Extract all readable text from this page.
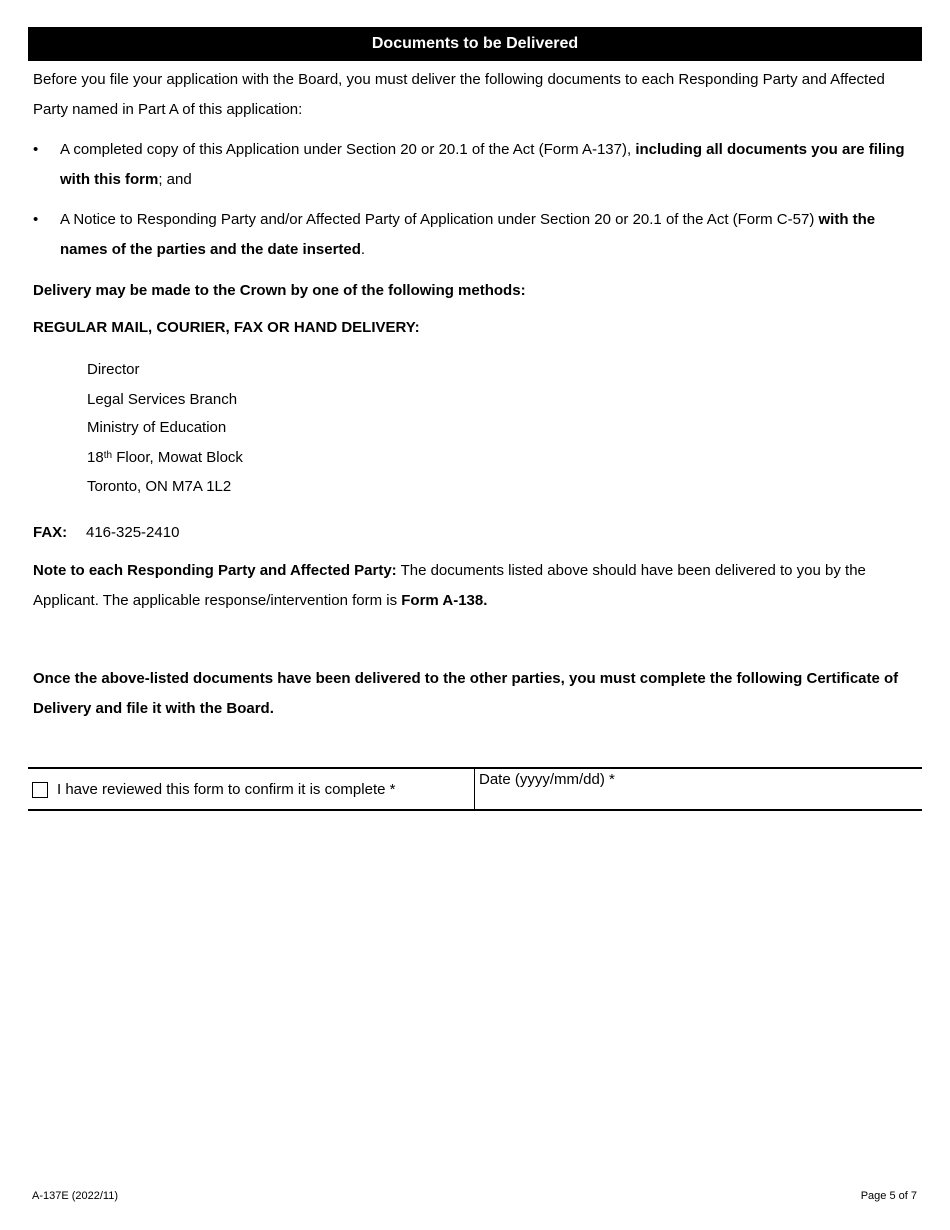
Documents to be Delivered

Before you file your application with the Board, you must deliver the following documents to each Responding Party and Affected Party named in Part A of this application:

• A completed copy of this Application under Section 20 or 20.1 of the Act (Form A-137), including all documents you are filing with this form; and

• A Notice to Responding Party and/or Affected Party of Application under Section 20 or 20.1 of the Act (Form C-57) with the names of the parties and the date inserted.

Delivery may be made to the Crown by one of the following methods:

REGULAR MAIL, COURIER, FAX OR HAND DELIVERY:

Director
Legal Services Branch
Ministry of Education
18th Floor, Mowat Block
Toronto, ON M7A 1L2
FAX: 416-325-2410

Note to each Responding Party and Affected Party: The documents listed above should have been delivered to you by the Applicant. The applicable response/intervention form is Form A-138.

Once the above-listed documents have been delivered to the other parties, you must complete the following Certificate of Delivery and file it with the Board.

I have reviewed this form to confirm it is complete *
Date (yyyy/mm/dd) *
A-137E (2022/11)	Page 5 of 7
